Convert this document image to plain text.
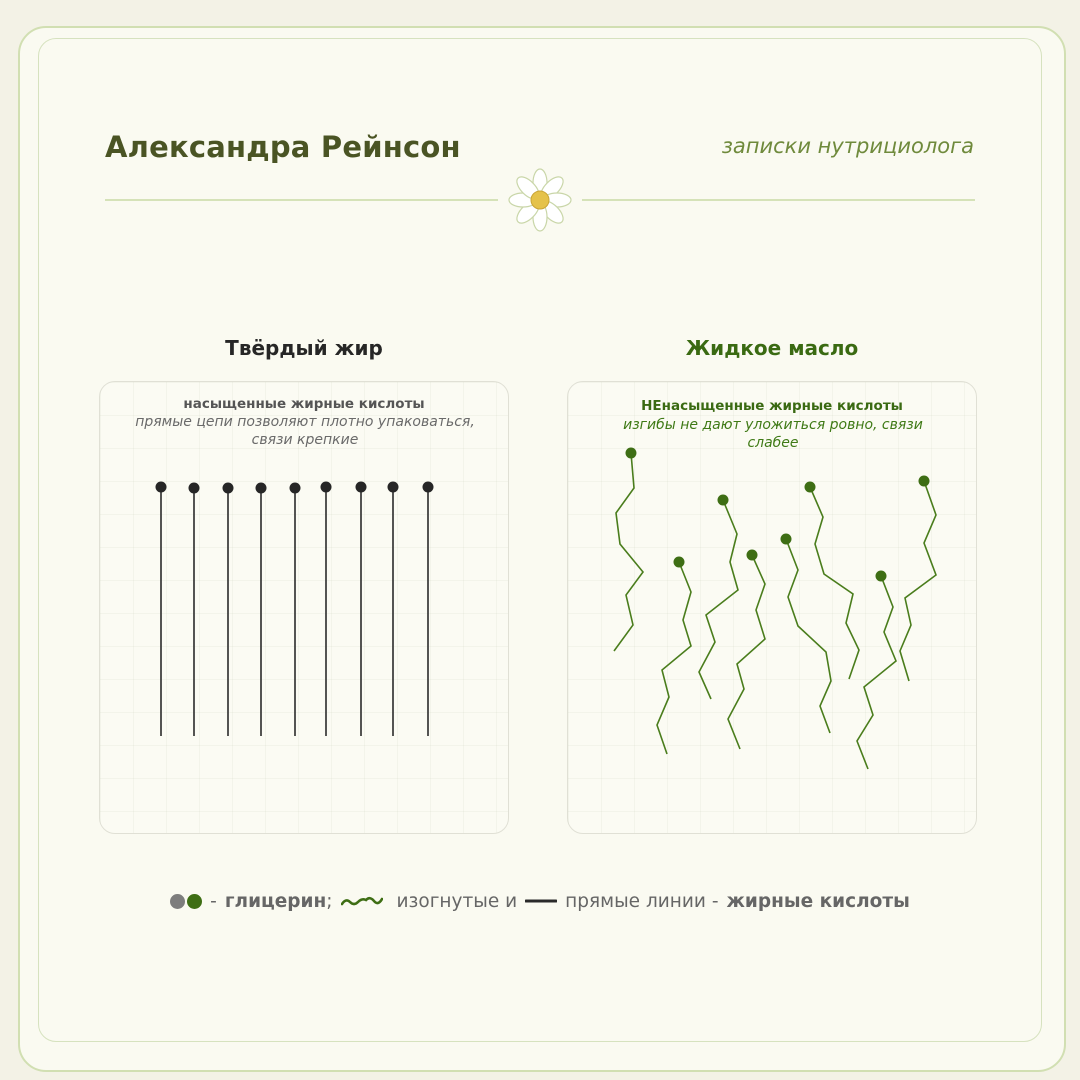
Александра Рейнсон	записки нутрициолога
Твёрдый жир	Жидкое масло
насыщенные жирные кислоты
прямые цепи позволяют плотно упаковаться, связи крепкие
НЕнасыщенные жирные кислоты
изгибы не дают уложиться ровно, связи слабее
- глицерин ;	изогнутые и	прямые линии - жирные кислоты
